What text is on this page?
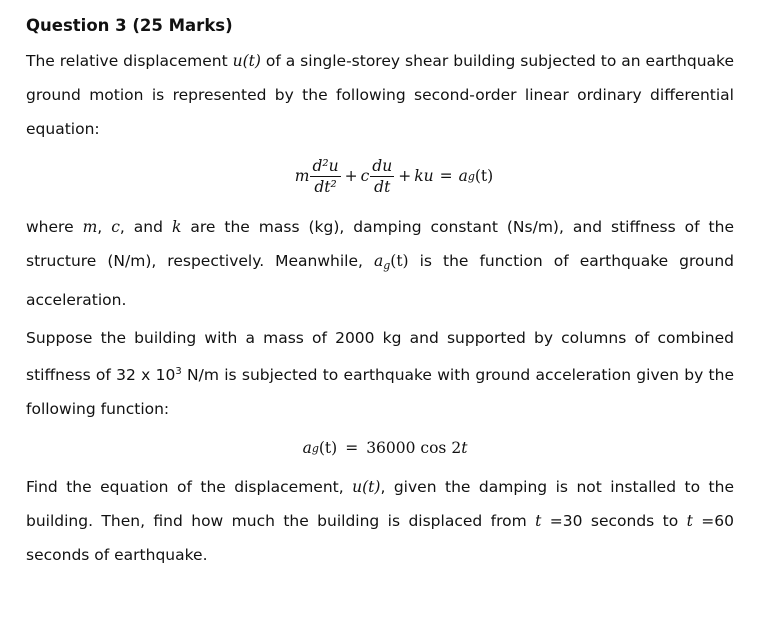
Question 3 (25 Marks)

The relative displacement u(t) of a single-storey shear building subjected to an earthquake ground motion is represented by the following second-order linear ordinary differential equation:

m $\frac{\text{d²u}}{\text{dt²}} + c \frac{du}{dt}$ + ku = a g (t)

where m, c, and k are the mass (kg), damping constant (Ns/m), and stiffness of the structure (N/m), respectively. Meanwhile, $a_g(t)$ is the function of earthquake ground acceleration.

Suppose the building with a mass of 2000 kg and supported by columns of combined stiffness of 32 x $10^3$ N/m is subjected to earthquake with ground acceleration given by the following function:

a g (t) = 36000 cos 2 t

Find the equation of the displacement, u(t), given the damping is not installed to the building. Then, find how much the building is displaced from t =30 seconds to t =60 seconds of earthquake.
